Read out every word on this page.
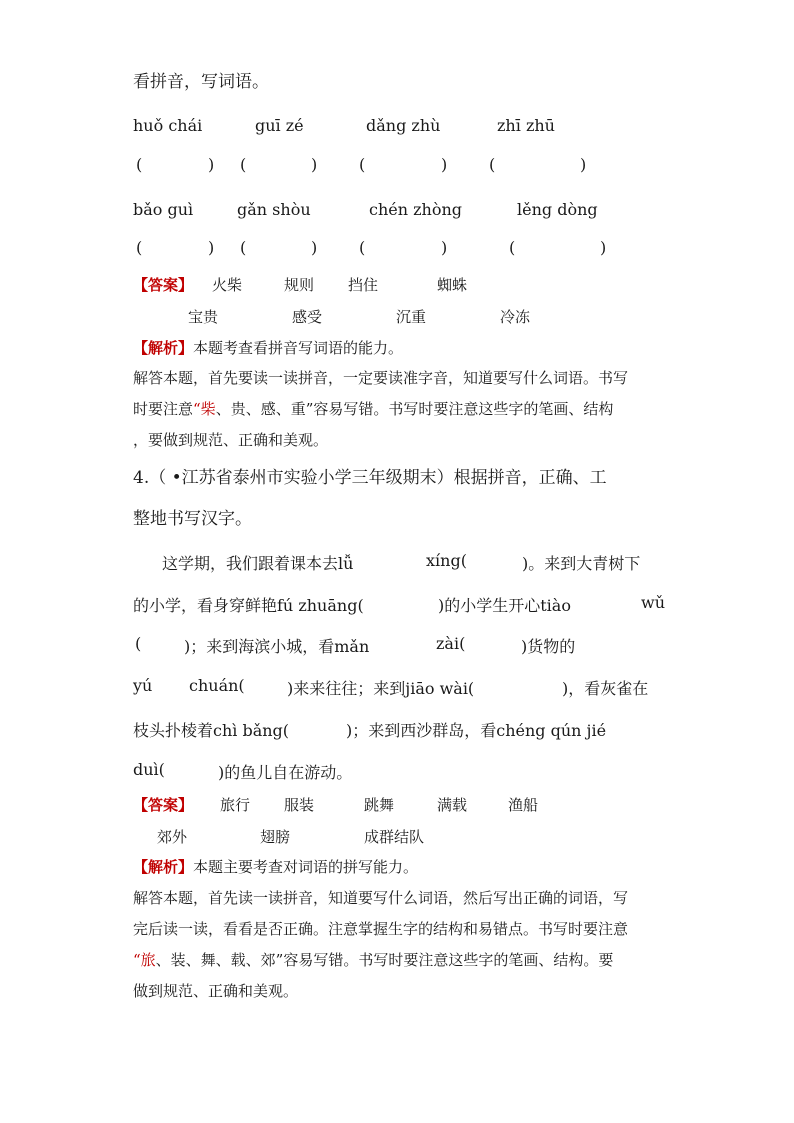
看拼音，写词语。
huǒ chái	guī zé	dǎng zhù	zhī zhū
(	) (	)	(	)	(	)
bǎo guì	gǎn shòu	chén zhòng	lěng dòng
(	) (	)	(	)	(	)
【答案】 火柴	规则 挡住	蜘蛛
宝贵	感受	沉重	冷冻
【解析】本题考查看拼音写词语的能力。
解答本题，首先要读一读拼音，一定要读准字音，知道要写什么词语。书写
时要注意“柴、贵、感、重”容易写错。书写时要注意这些字的笔画、结构
，要做到规范、正确和美观。
4.（ •江苏省泰州市实验小学三年级期末）根据拼音，正确、工
整地书写汉字。
这学期，我们跟着课本去lǚ	xíng(	)。来到大青树下
的小学，看身穿鲜艳fú zhuāng(	)的小学生开心tiào	wǔ
(	)；来到海滨小城，看mǎn	zài(	)货物的
yú chuán(	)来来往往；来到jiāo wài(	)，看灰雀在
枝头扑棱着chì bǎng(	)；来到西沙群岛，看chéng qún jié
duì(	)的鱼儿自在游动。
【答案】 旅行 服装	跳舞	满载	渔船
郊外	翅膀	成群结队
【解析】本题主要考查对词语的拼写能力。
解答本题，首先读一读拼音，知道要写什么词语，然后写出正确的词语，写
完后读一读，看看是否正确。注意掌握生字的结构和易错点。书写时要注意
“旅、装、舞、载、郊”容易写错。书写时要注意这些字的笔画、结构。要
做到规范、正确和美观。
